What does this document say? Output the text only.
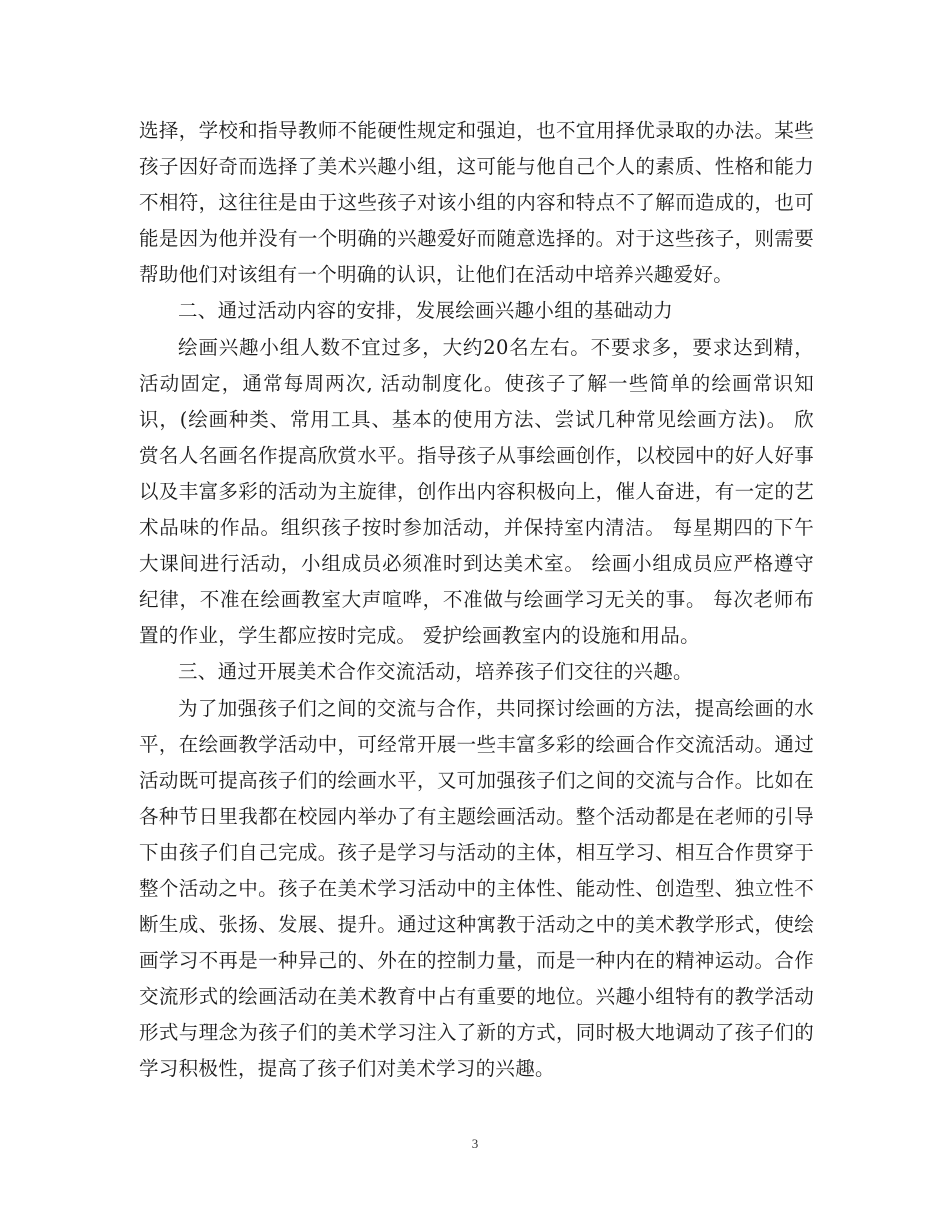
选择，学校和指导教师不能硬性规定和强迫，也不宜用择优录取的办法。某些孩子因好奇而选择了美术兴趣小组，这可能与他自己个人的素质、性格和能力不相符，这往往是由于这些孩子对该小组的内容和特点不了解而造成的，也可能是因为他并没有一个明确的兴趣爱好而随意选择的。对于这些孩子，则需要帮助他们对该组有一个明确的认识，让他们在活动中培养兴趣爱好。

二、通过活动内容的安排，发展绘画兴趣小组的基础动力

绘画兴趣小组人数不宜过多，大约20名左右。不要求多，要求达到精，活动固定，通常每周两次, 活动制度化。使孩子了解一些简单的绘画常识知识，(绘画种类、常用工具、基本的使用方法、尝试几种常见绘画方法)。 欣赏名人名画名作提高欣赏水平。指导孩子从事绘画创作，以校园中的好人好事以及丰富多彩的活动为主旋律，创作出内容积极向上，催人奋进，有一定的艺术品味的作品。组织孩子按时参加活动，并保持室内清洁。 每星期四的下午大课间进行活动，小组成员必须准时到达美术室。 绘画小组成员应严格遵守纪律，不准在绘画教室大声喧哗，不准做与绘画学习无关的事。 每次老师布置的作业，学生都应按时完成。 爱护绘画教室内的设施和用品。

三、通过开展美术合作交流活动，培养孩子们交往的兴趣。

为了加强孩子们之间的交流与合作，共同探讨绘画的方法，提高绘画的水平，在绘画教学活动中，可经常开展一些丰富多彩的绘画合作交流活动。通过活动既可提高孩子们的绘画水平，又可加强孩子们之间的交流与合作。比如在各种节日里我都在校园内举办了有主题绘画活动。整个活动都是在老师的引导下由孩子们自己完成。孩子是学习与活动的主体，相互学习、相互合作贯穿于整个活动之中。孩子在美术学习活动中的主体性、能动性、创造型、独立性不断生成、张扬、发展、提升。通过这种寓教于活动之中的美术教学形式，使绘画学习不再是一种异己的、外在的控制力量，而是一种内在的精神运动。合作交流形式的绘画活动在美术教育中占有重要的地位。兴趣小组特有的教学活动形式与理念为孩子们的美术学习注入了新的方式，同时极大地调动了孩子们的学习积极性，提高了孩子们对美术学习的兴趣。

3
